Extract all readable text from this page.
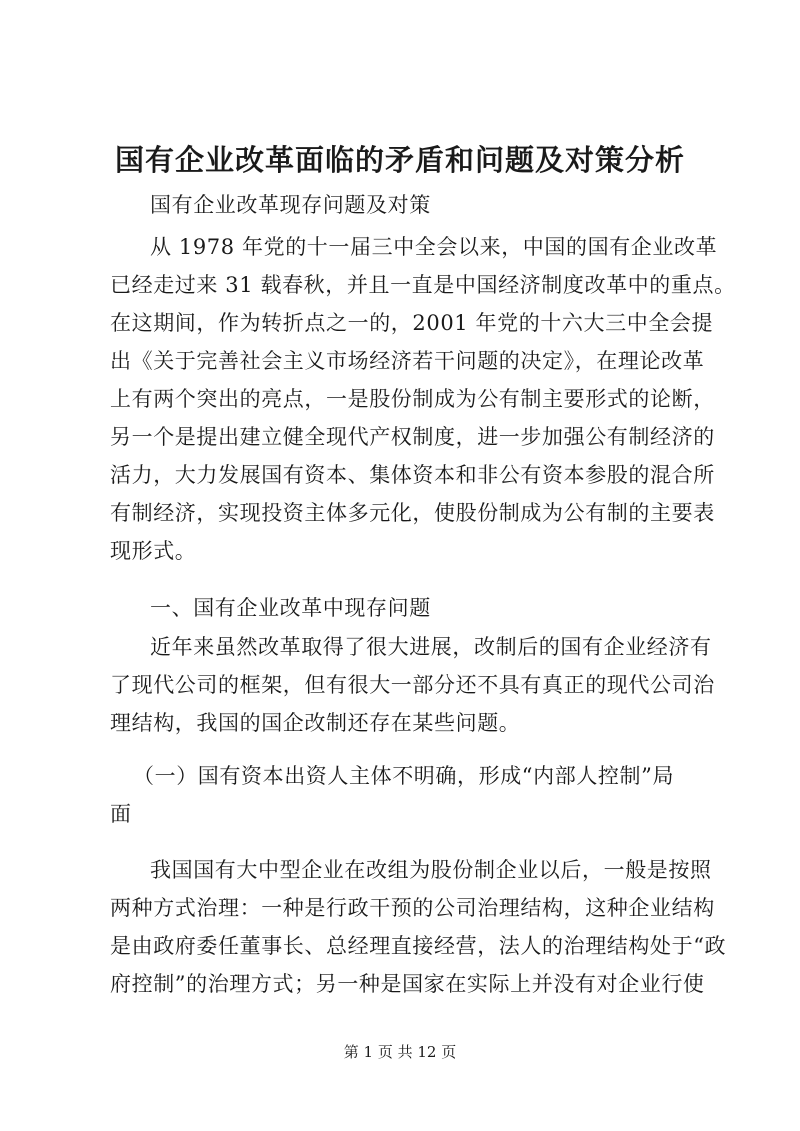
国有企业改革面临的矛盾和问题及对策分析
国有企业改革现存问题及对策
从 1978 年党的十一届三中全会以来，中国的国有企业改革
已经走过来 31 载春秋，并且一直是中国经济制度改革中的重点。
在这期间，作为转折点之一的，2001 年党的十六大三中全会提
出《关于完善社会主义市场经济若干问题的决定》，在理论改革
上有两个突出的亮点，一是股份制成为公有制主要形式的论断，
另一个是提出建立健全现代产权制度，进一步加强公有制经济的
活力，大力发展国有资本、集体资本和非公有资本参股的混合所
有制经济，实现投资主体多元化，使股份制成为公有制的主要表
现形式。
一、国有企业改革中现存问题
近年来虽然改革取得了很大进展，改制后的国有企业经济有
了现代公司的框架，但有很大一部分还不具有真正的现代公司治
理结构，我国的国企改制还存在某些问题。
（一）国有资本出资人主体不明确，形成“内部人控制”局
面
我国国有大中型企业在改组为股份制企业以后，一般是按照
两种方式治理：一种是行政干预的公司治理结构，这种企业结构
是由政府委任董事长、总经理直接经营，法人的治理结构处于“政
府控制”的治理方式；另一种是国家在实际上并没有对企业行使
第 1 页 共 12 页
